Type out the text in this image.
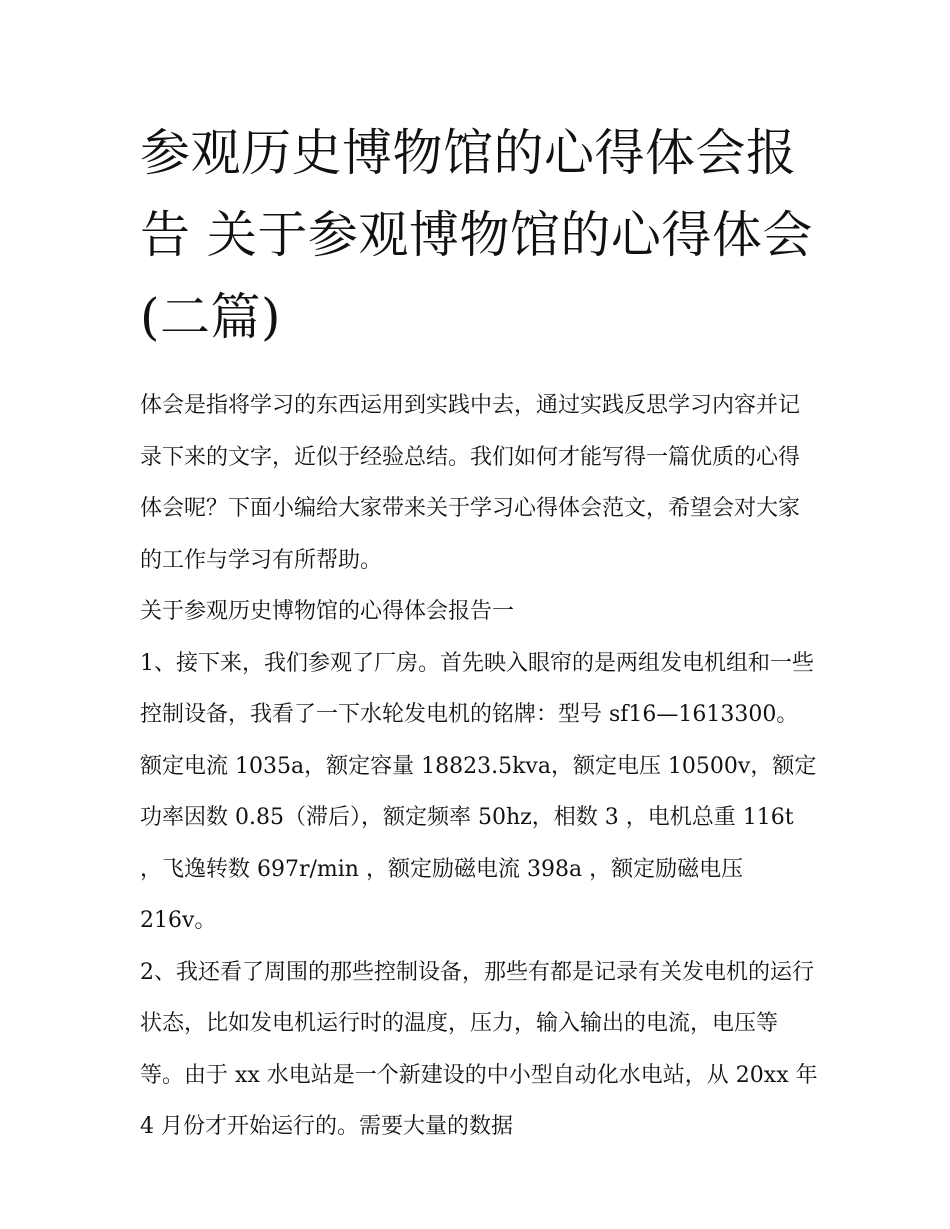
参观历史博物馆的心得体会报告 关于参观博物馆的心得体会(二篇)

体会是指将学习的东西运用到实践中去，通过实践反思学习内容并记录下来的文字，近似于经验总结。我们如何才能写得一篇优质的心得体会呢？下面小编给大家带来关于学习心得体会范文，希望会对大家的工作与学习有所帮助。

关于参观历史博物馆的心得体会报告一

1、接下来，我们参观了厂房。首先映入眼帘的是两组发电机组和一些控制设备，我看了一下水轮发电机的铭牌：型号 sf16—1613300。额定电流 1035a，额定容量 18823.5kva，额定电压 10500v，额定功率因数 0.85（滞后），额定频率 50hz，相数 3 ，电机总重 116t ，飞逸转数 697r/min ，额定励磁电流 398a ，额定励磁电压 216v。

2、我还看了周围的那些控制设备，那些有都是记录有关发电机的运行状态，比如发电机运行时的温度，压力，输入输出的电流，电压等等。由于 xx 水电站是一个新建设的中小型自动化水电站，从 20xx 年 4 月份才开始运行的。需要大量的数据
